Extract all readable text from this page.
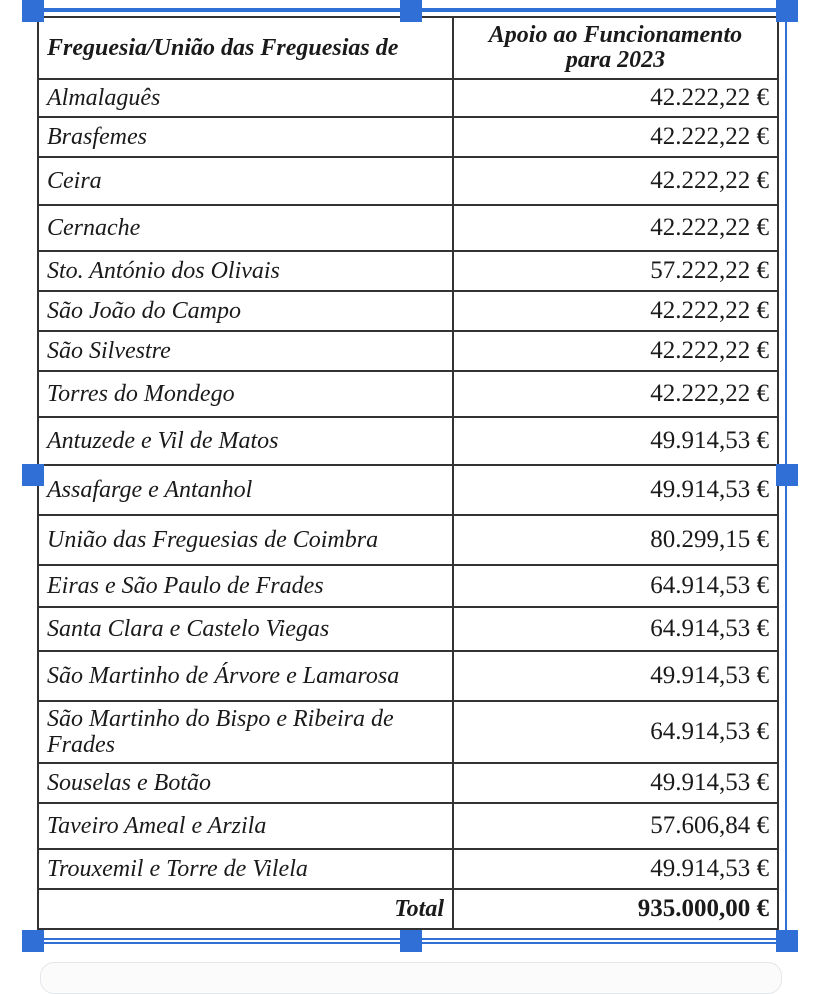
Freguesia/União das Freguesias de	Apoio ao Funcionamento
para 2023

Almalaguês	42.222,22 €
Brasfemes	42.222,22 €
Ceira	42.222,22 €
Cernache	42.222,22 €
Sto. António dos Olivais	57.222,22 €
São João do Campo	42.222,22 €
São Silvestre	42.222,22 €
Torres do Mondego	42.222,22 €
Antuzede e Vil de Matos	49.914,53 €
Assafarge e Antanhol	49.914,53 €
União das Freguesias de Coimbra	80.299,15 €
Eiras e São Paulo de Frades	64.914,53 €
Santa Clara e Castelo Viegas	64.914,53 €
São Martinho de Árvore e Lamarosa	49.914,53 €
São Martinho do Bispo e Ribeira de Frades	64.914,53 €
Souselas e Botão	49.914,53 €
Taveiro Ameal e Arzila	57.606,84 €
Trouxemil e Torre de Vilela	49.914,53 €
Total	935.000,00 €
